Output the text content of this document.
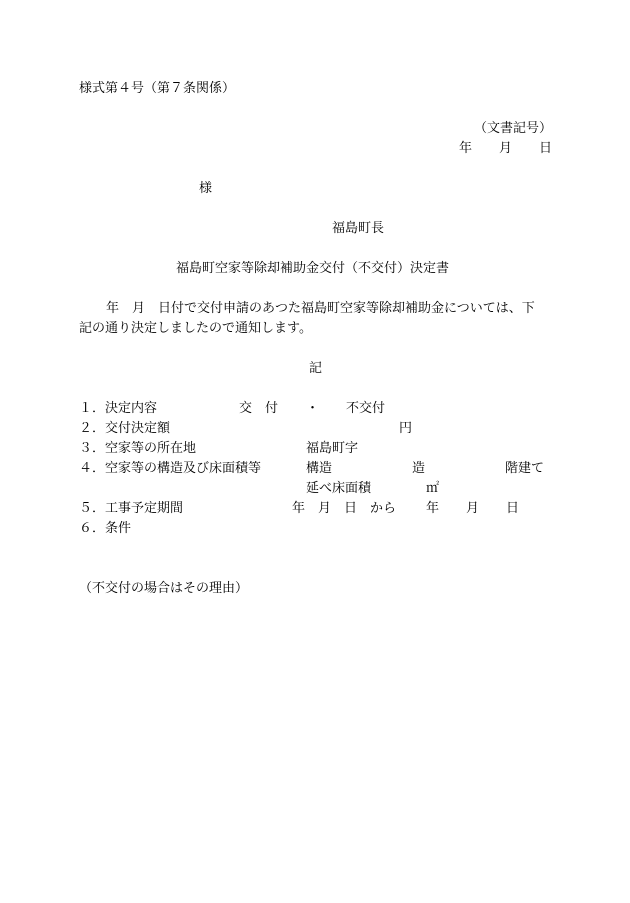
様式第４号（第７条関係）
（文書記号）
年 月 日
様
福島町長
福島町空家等除却補助金交付（不交付）決定書
年　月　日付で交付申請のあつた福島町空家等除却補助金については、下
記の通り決定しましたので通知します。
記
１．決定内容	交　付 ・ 不交付
２．交付決定額	円
３．空家等の所在地	福島町字
４．空家等の構造及び床面積等	構造	造	階建て
延べ床面積	㎡
５．工事予定期間	年　月　日　から 年 月 日
６．条件
（不交付の場合はその理由）
